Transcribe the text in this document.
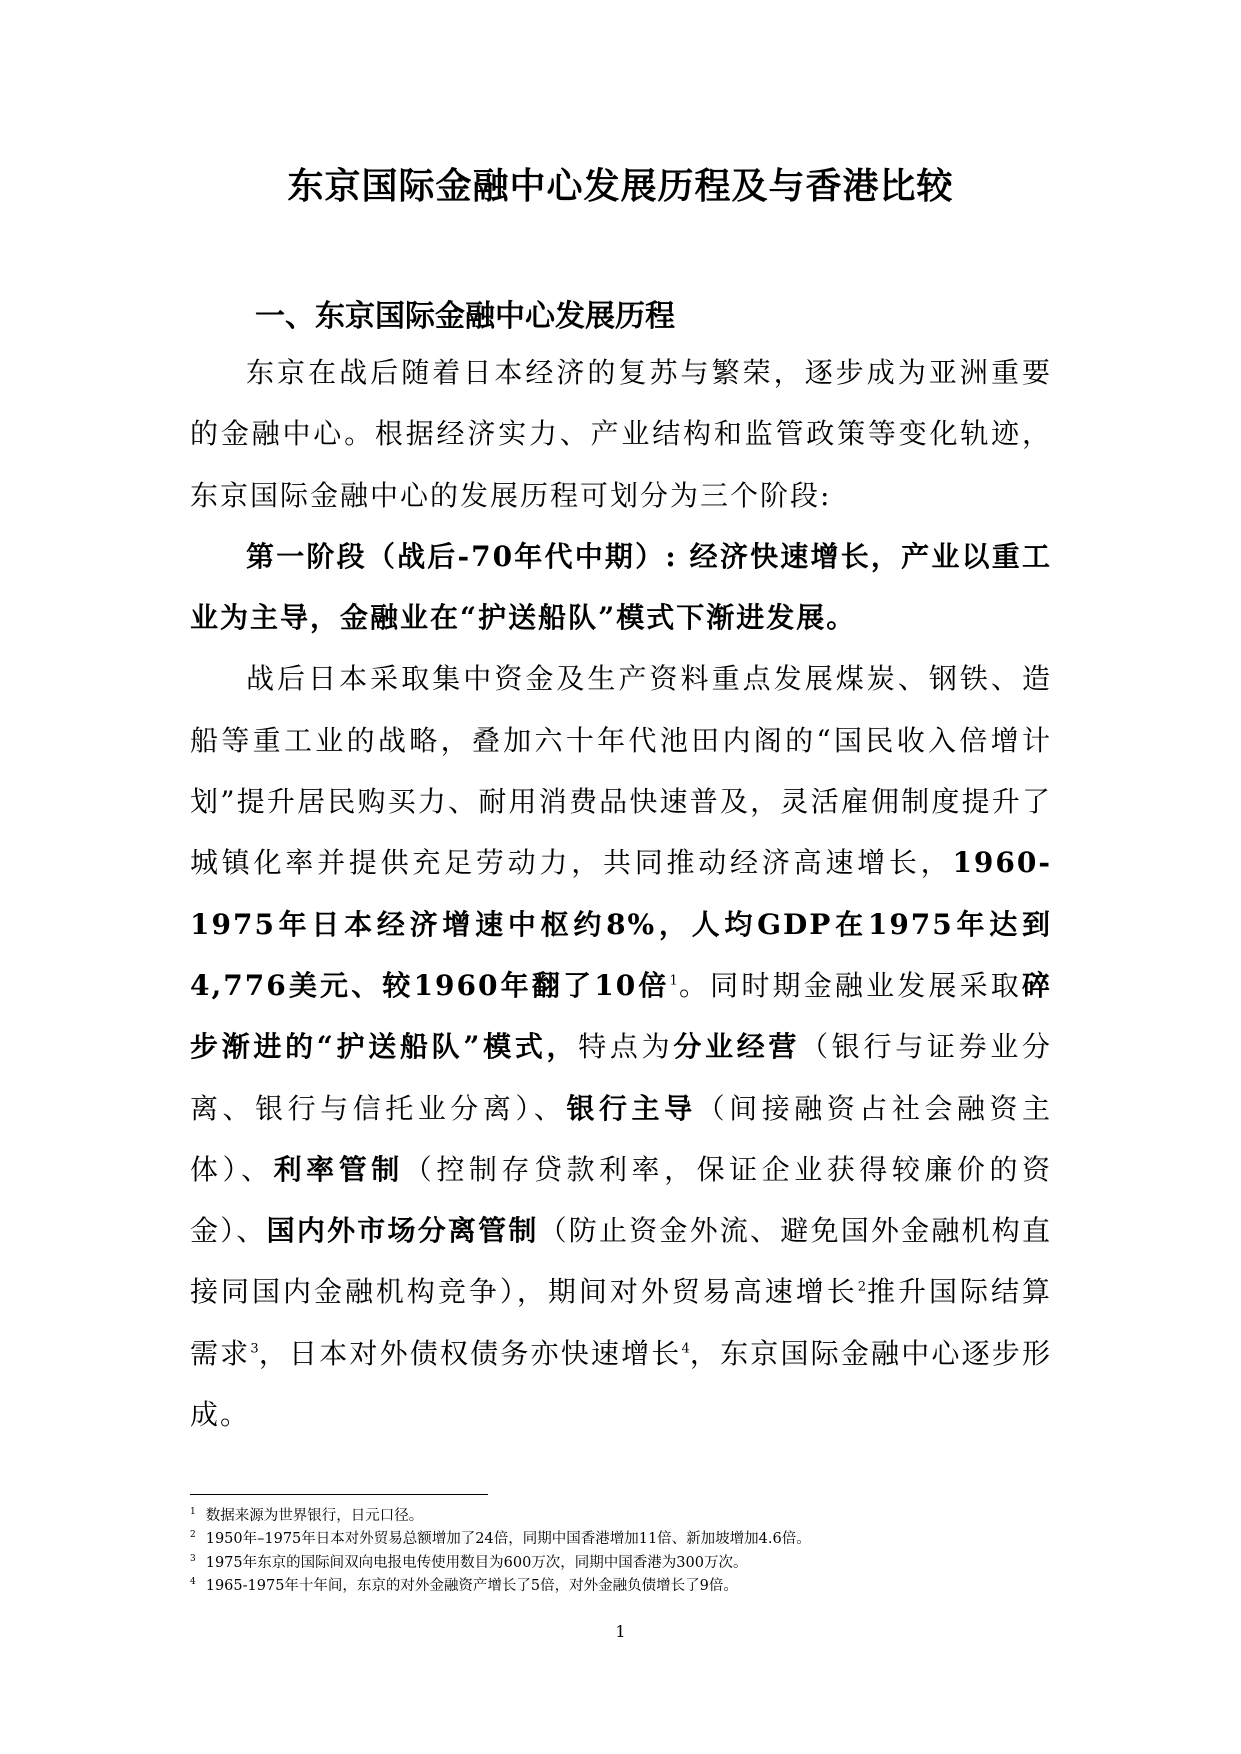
东京国际金融中心发展历程及与香港比较
一、东京国际金融中心发展历程

东京在战后随着日本经济的复苏与繁荣，逐步成为亚洲重要的金融中心。根据经济实力、产业结构和监管政策等变化轨迹，东京国际金融中心的发展历程可划分为三个阶段:

第一阶段（战后-70年代中期）: 经济快速增长，产业以重工业为主导，金融业在“护送船队”模式下渐进发展。

战后日本采取集中资金及生产资料重点发展煤炭、钢铁、造船等重工业的战略，叠加六十年代池田内阁的“国民收入倍增计划”提升居民购买力、耐用消费品快速普及，灵活雇佣制度提升了城镇化率并提供充足劳动力，共同推动经济高速增长，1960-1975年日本经济增速中枢约8%，人均GDP在1975年达到4,776美元、较1960年翻了10倍$^1$。同时期金融业发展采取碎步渐进的“护送船队”模式，特点为分业经营（银行与证券业分离、银行与信托业分离）、银行主导（间接融资占社会融资主体）、利率管制（控制存贷款利率，保证企业获得较廉价的资金）、国内外市场分离管制（防止资金外流、避免国外金融机构直接同国内金融机构竞争），期间对外贸易高速增长$^2$推升国际结算需求$^3$，日本对外债权债务亦快速增长$^4$，东京国际金融中心逐步形成。

$^1$ 数据来源为世界银行，日元口径。
$^2$ 1950年–1975年日本对外贸易总额增加了24倍，同期中国香港增加11倍、新加坡增加4.6倍。
$^3$ 1975年东京的国际间双向电报电传使用数目为600万次，同期中国香港为300万次。
$^4$ 1965-1975年十年间，东京的对外金融资产增长了5倍，对外金融负债增长了9倍。
1
